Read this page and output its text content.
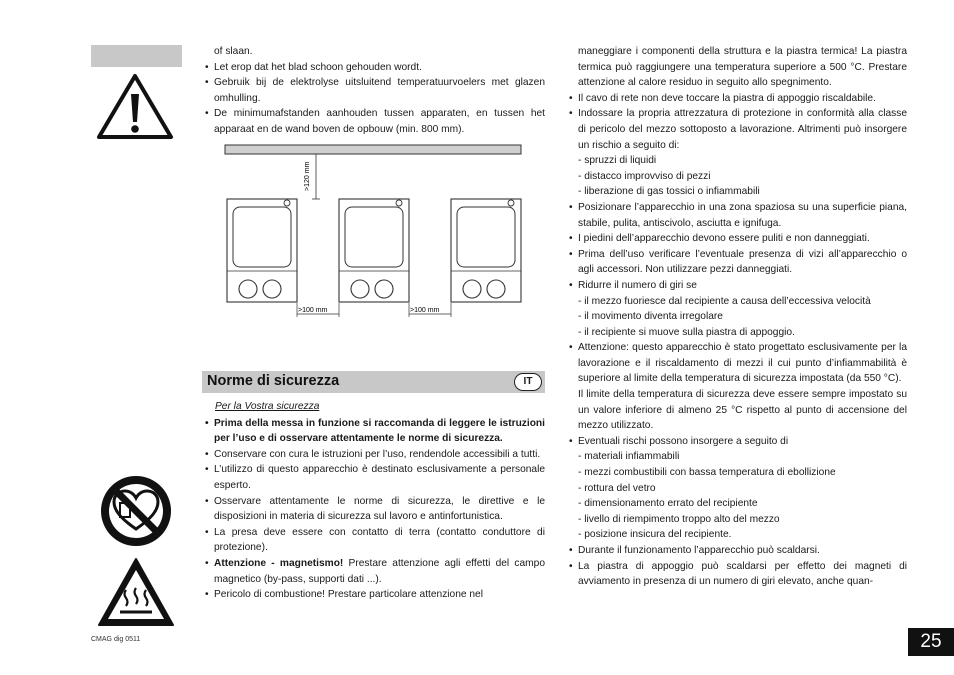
CMAG dig 0511
of slaan.
• Let erop dat het blad schoon gehouden wordt.
• Gebruik bij de elektrolyse uitsluitend temperatuurvoelers met glazen omhulling.
• De minimumafstanden aanhouden tussen apparaten, en tussen het apparaat en de wand boven de opbouw (min. 800 mm).
>120 mm
>100 mm	>100 mm
Norme di sicurezza	IT
Per la Vostra sicurezza
• Prima della messa in funzione si raccomanda di leggere le istruzioni per l’uso e di osservare attentamente le norme di sicurezza.
• Conservare con cura le istruzioni per l’uso, rendendole accessibili a tutti.
• L’utilizzo di questo apparecchio è destinato esclusivamente a personale esperto.
• Osservare attentamente le norme di sicurezza, le direttive e le disposizioni in materia di sicurezza sul lavoro e antinfortunistica.
• La presa deve essere con contatto di terra (contatto conduttore di protezione).
• Attenzione - magnetismo! Prestare attenzione agli effetti del campo magnetico (by-pass, supporti dati ...).
• Pericolo di combustione! Prestare particolare attenzione nel
maneggiare i componenti della struttura e la piastra termica! La piastra termica può raggiungere una temperatura superiore a 500 °C. Prestare attenzione al calore residuo in seguito allo spegnimento.
• Il cavo di rete non deve toccare la piastra di appoggio riscaldabile.
• Indossare la propria attrezzatura di protezione in conformità alla classe di pericolo del mezzo sottoposto a lavorazione. Altrimenti può insorgere un rischio a seguito di:
- spruzzi di liquidi
- distacco improvviso di pezzi
- liberazione di gas tossici o infiammabili
• Posizionare l’apparecchio in una zona spaziosa su una superficie piana, stabile, pulita, antiscivolo, asciutta e ignifuga.
• I piedini dell’apparecchio devono essere puliti e non danneggiati.
• Prima dell’uso verificare l’eventuale presenza di vizi all’apparecchio o agli accessori. Non utilizzare pezzi danneggiati.
• Ridurre il numero di giri se
- il mezzo fuoriesce dal recipiente a causa dell’eccessiva velocità
- il movimento diventa irregolare
- il recipiente si muove sulla piastra di appoggio.
• Attenzione: questo apparecchio è stato progettato esclusivamente per la lavorazione e il riscaldamento di mezzi il cui punto d’infiammabilità è superiore al limite della temperatura di sicurezza impostata (da 550 °C).
Il limite della temperatura di sicurezza deve essere sempre impostato su un valore inferiore di almeno 25 °C rispetto al punto di accensione del mezzo utilizzato.
• Eventuali rischi possono insorgere a seguito di
- materiali infiammabili
- mezzi combustibili con bassa temperatura di ebollizione
- rottura del vetro
- dimensionamento errato del recipiente
- livello di riempimento troppo alto del mezzo
- posizione insicura del recipiente.
• Durante il funzionamento l’apparecchio può scaldarsi.
• La piastra di appoggio può scaldarsi per effetto dei magneti di avviamento in presenza di un numero di giri elevato, anche quan-
25
